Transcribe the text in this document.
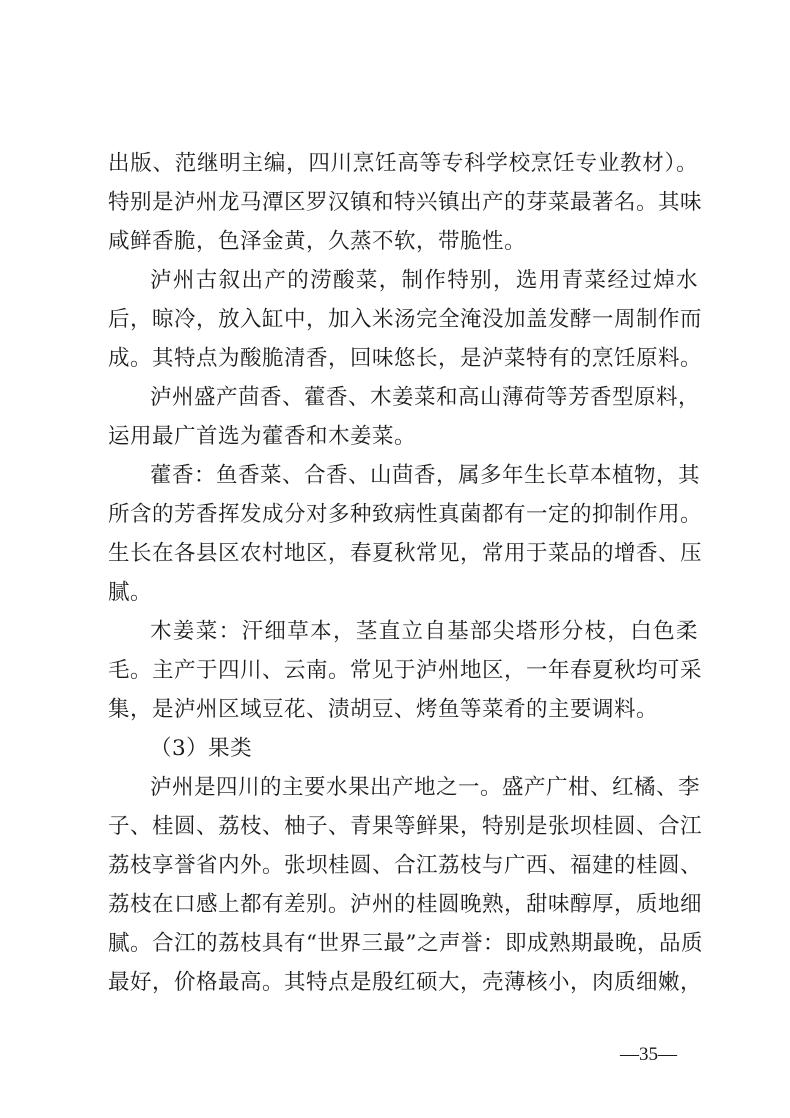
出版、范继明主编，四川烹饪高等专科学校烹饪专业教材）。
特别是泸州龙马潭区罗汉镇和特兴镇出产的芽菜最著名。其味
咸鲜香脆，色泽金黄，久蒸不软，带脆性。
泸州古叙出产的涝酸菜，制作特别，选用青菜经过焯水
后，晾冷，放入缸中，加入米汤完全淹没加盖发酵一周制作而
成。其特点为酸脆清香，回味悠长，是泸菜特有的烹饪原料。
泸州盛产茴香、藿香、木姜菜和高山薄荷等芳香型原料，
运用最广首选为藿香和木姜菜。
藿香：鱼香菜、合香、山茴香，属多年生长草本植物，其
所含的芳香挥发成分对多种致病性真菌都有一定的抑制作用。
生长在各县区农村地区，春夏秋常见，常用于菜品的增香、压
腻。
木姜菜：汗细草本，茎直立自基部尖塔形分枝，白色柔
毛。主产于四川、云南。常见于泸州地区，一年春夏秋均可采
集，是泸州区域豆花、渍胡豆、烤鱼等菜肴的主要调料。
（3）果类
泸州是四川的主要水果出产地之一。盛产广柑、红橘、李
子、桂圆、荔枝、柚子、青果等鲜果，特别是张坝桂圆、合江
荔枝享誉省内外。张坝桂圆、合江荔枝与广西、福建的桂圆、
荔枝在口感上都有差别。泸州的桂圆晚熟，甜味醇厚，质地细
腻。合江的荔枝具有“世界三最”之声誉：即成熟期最晚，品质
最好，价格最高。其特点是殷红硕大，壳薄核小，肉质细嫩，
—35—
